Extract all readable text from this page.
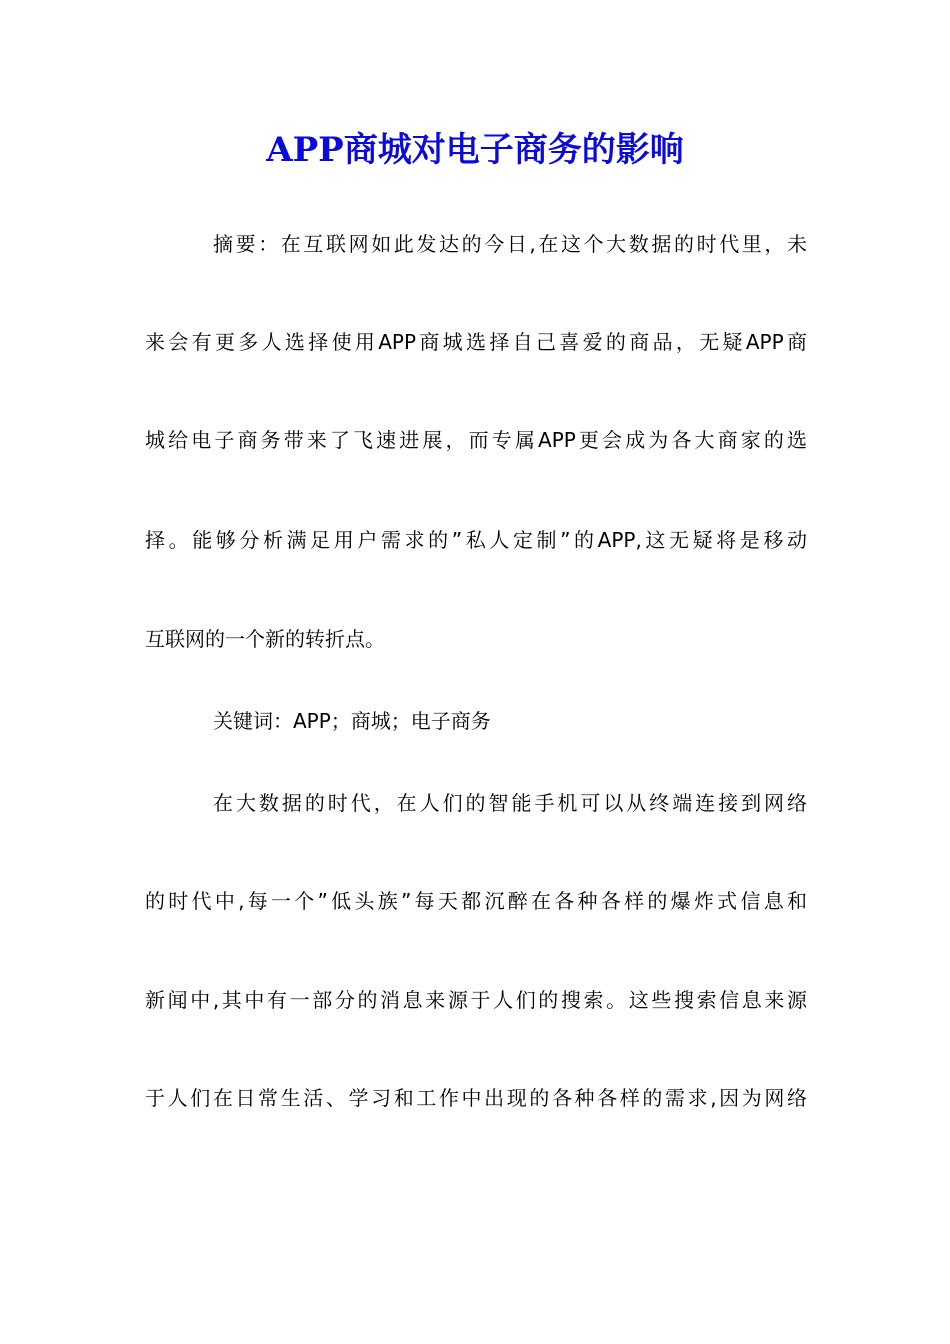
APP商城对电子商务的影响
摘要：在互联网如此发达的今日,在这个大数据的时代里，未
来会有更多人选择使用APP商城选择自己喜爱的商品，无疑APP商
城给电子商务带来了飞速进展，而专属APP更会成为各大商家的选
择。能够分析满足用户需求的”私人定制”的APP,这无疑将是移动
互联网的一个新的转折点。
关键词：APP；商城；电子商务
在大数据的时代，在人们的智能手机可以从终端连接到网络
的时代中,每一个”低头族”每天都沉醉在各种各样的爆炸式信息和
新闻中,其中有一部分的消息来源于人们的搜索。这些搜索信息来源
于人们在日常生活、学习和工作中出现的各种各样的需求,因为网络
